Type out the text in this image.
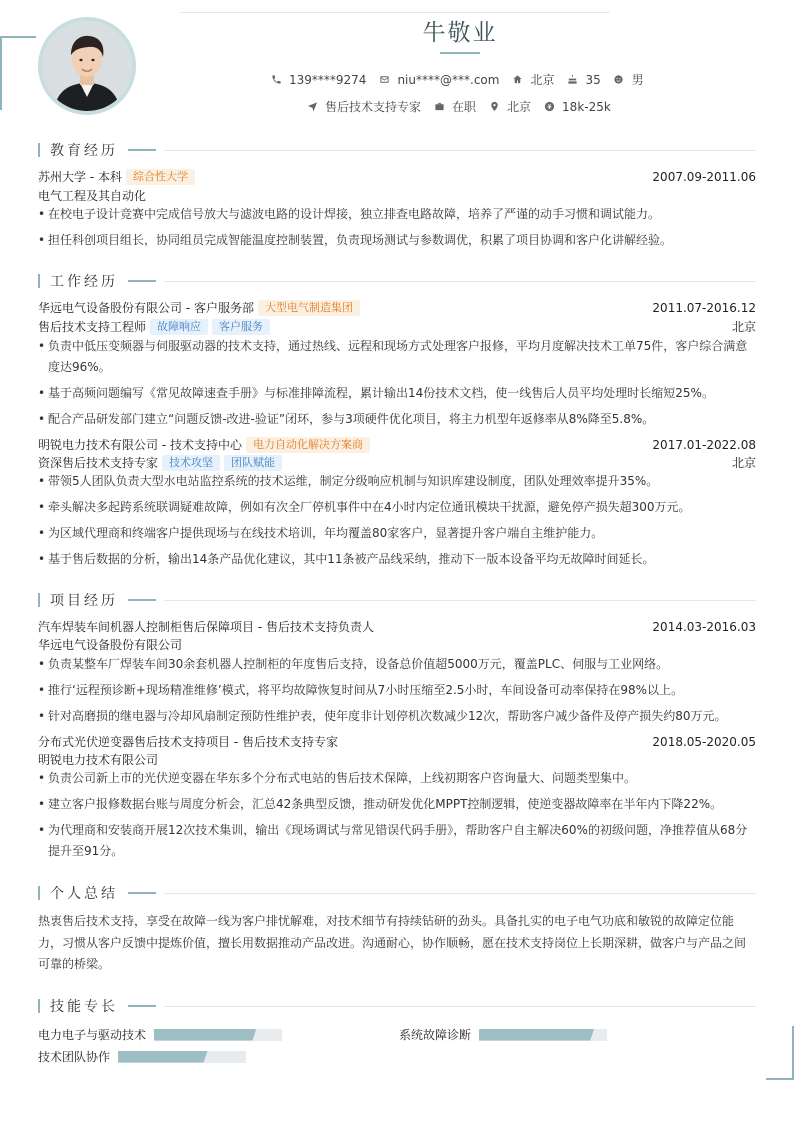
牛敬业
139****9274	niu****@***.com	北京	35	男
售后技术支持专家	在职	北京	18k-25k
教育经历
苏州大学 - 本科	综合性大学	2007.09-2011.06
电气工程及其自动化
• 在校电子设计竞赛中完成信号放大与滤波电路的设计焊接，独立排查电路故障，培养了严谨的动手习惯和调试能力。
• 担任科创项目组长，协同组员完成智能温度控制装置，负责现场测试与参数调优，积累了项目协调和客户化讲解经验。
工作经历
华远电气设备股份有限公司 - 客户服务部	大型电气制造集团	2011.07-2016.12
售后技术支持工程师	故障响应	客户服务	北京
• 负责中低压变频器与伺服驱动器的技术支持，通过热线、远程和现场方式处理客户报修，平均月度解决技术工单75件，客户综合满意度达96%。
• 基于高频问题编写《常见故障速查手册》与标准排障流程，累计输出14份技术文档，使一线售后人员平均处理时长缩短25%。
• 配合产品研发部门建立“问题反馈-改进-验证”闭环，参与3项硬件优化项目，将主力机型年返修率从8%降至5.8%。
明锐电力技术有限公司 - 技术支持中心	电力自动化解决方案商	2017.01-2022.08
资深售后技术支持专家	技术攻坚	团队赋能	北京
• 带领5人团队负责大型水电站监控系统的技术运维，制定分级响应机制与知识库建设制度，团队处理效率提升35%。
• 牵头解决多起跨系统联调疑难故障，例如有次全厂停机事件中在4小时内定位通讯模块干扰源，避免停产损失超300万元。
• 为区域代理商和终端客户提供现场与在线技术培训，年均覆盖80家客户，显著提升客户端自主维护能力。
• 基于售后数据的分析，输出14条产品优化建议，其中11条被产品线采纳，推动下一版本设备平均无故障时间延长。
项目经历
汽车焊装车间机器人控制柜售后保障项目 - 售后技术支持负责人	2014.03-2016.03
华远电气设备股份有限公司
• 负责某整车厂焊装车间30余套机器人控制柜的年度售后支持，设备总价值超5000万元，覆盖PLC、伺服与工业网络。
• 推行‘远程预诊断+现场精准维修’模式，将平均故障恢复时间从7小时压缩至2.5小时，车间设备可动率保持在98%以上。
• 针对高磨损的继电器与冷却风扇制定预防性维护表，使年度非计划停机次数减少12次，帮助客户减少备件及停产损失约80万元。
分布式光伏逆变器售后技术支持项目 - 售后技术支持专家	2018.05-2020.05
明锐电力技术有限公司
• 负责公司新上市的光伏逆变器在华东多个分布式电站的售后技术保障，上线初期客户咨询量大、问题类型集中。
• 建立客户报修数据台账与周度分析会，汇总42条典型反馈，推动研发优化MPPT控制逻辑，使逆变器故障率在半年内下降22%。
• 为代理商和安装商开展12次技术集训，输出《现场调试与常见错误代码手册》，帮助客户自主解决60%的初级问题，净推荐值从68分提升至91分。
个人总结
热衷售后技术支持，享受在故障一线为客户排忧解难，对技术细节有持续钻研的劲头。具备扎实的电子电气功底和敏锐的故障定位能力，习惯从客户反馈中提炼价值，擅长用数据推动产品改进。沟通耐心，协作顺畅，愿在技术支持岗位上长期深耕，做客户与产品之间可靠的桥梁。
技能专长
电力电子与驱动技术	系统故障诊断
技术团队协作
